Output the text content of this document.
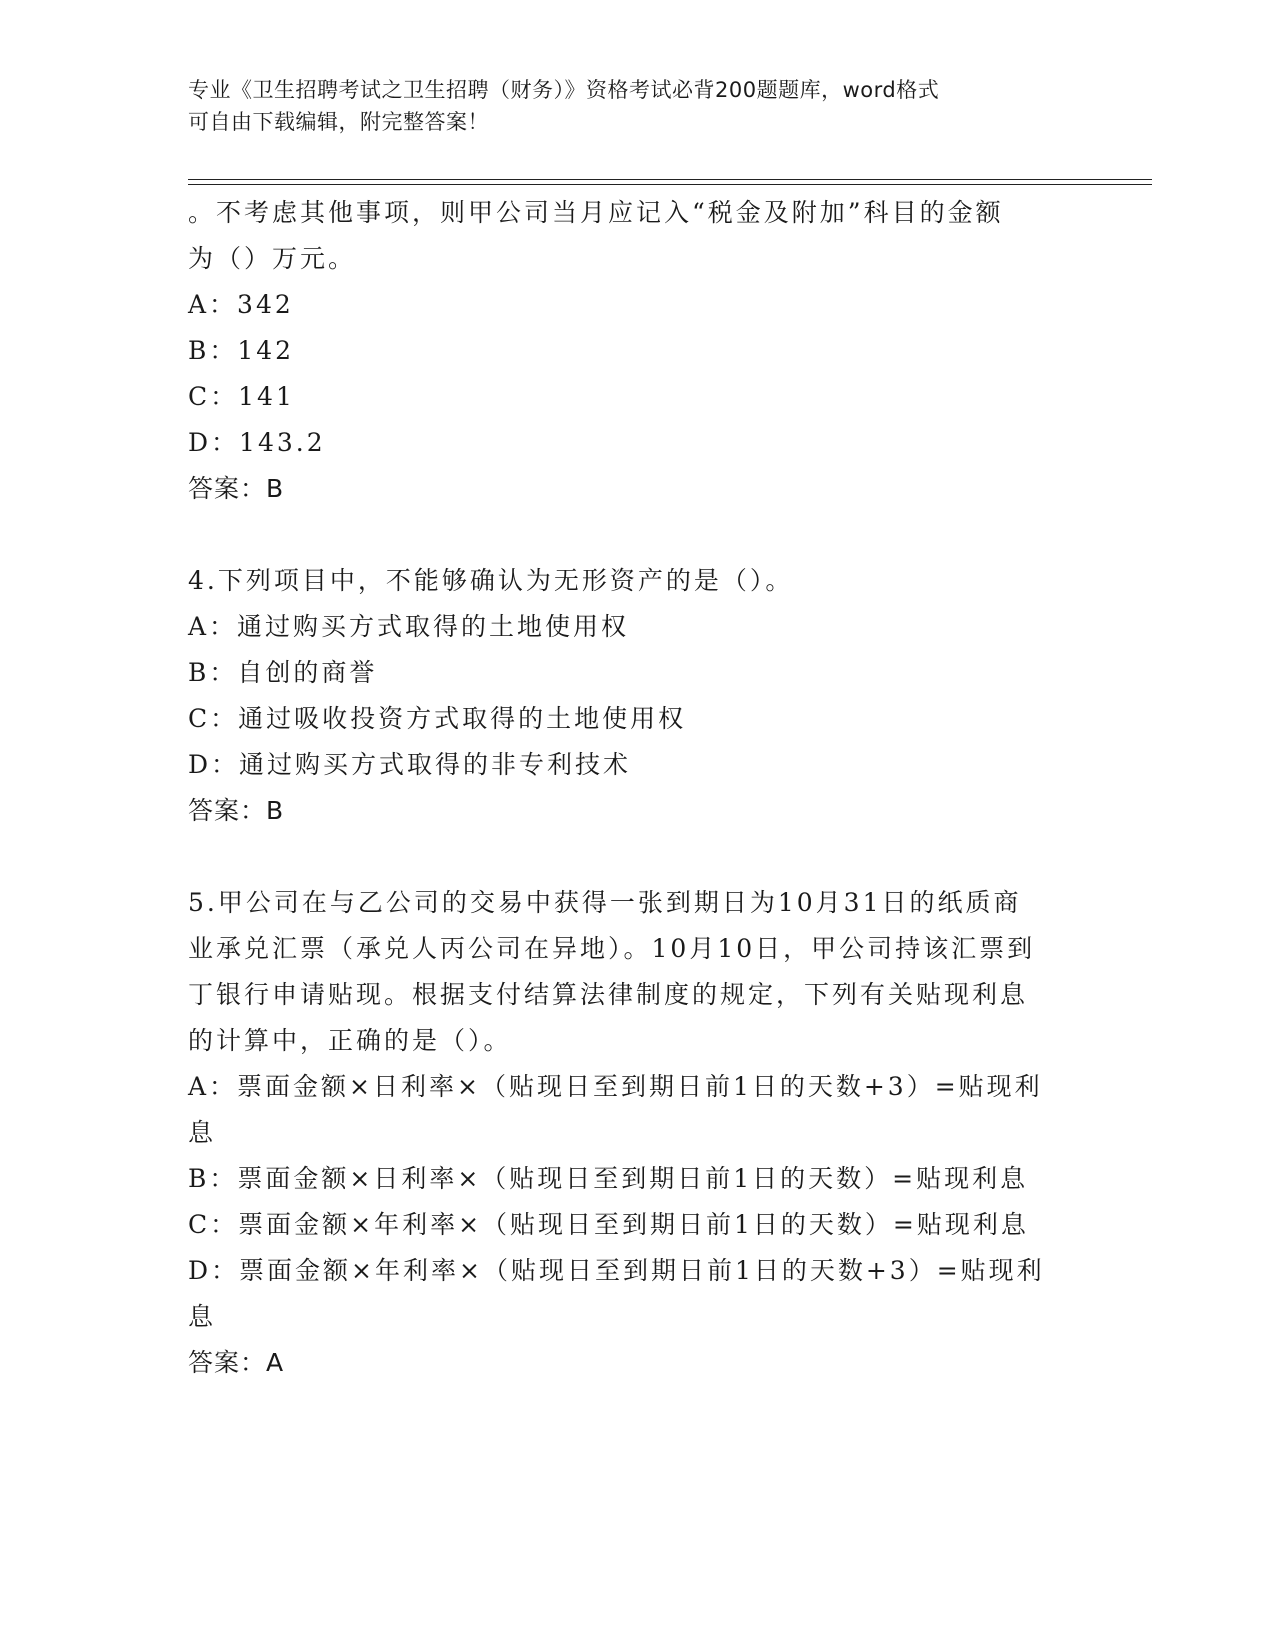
专业《卫生招聘考试之卫生招聘（财务）》资格考试必背200题题库，word格式
可自由下载编辑，附完整答案！
。不考虑其他事项，则甲公司当月应记入“税金及附加”科目的金额
为（）万元。
A：342
B：142
C：141
D：143.2
答案：B
4.下列项目中，不能够确认为无形资产的是（）。
A：通过购买方式取得的土地使用权
B：自创的商誉
C：通过吸收投资方式取得的土地使用权
D：通过购买方式取得的非专利技术
答案：B
5.甲公司在与乙公司的交易中获得一张到期日为10月31日的纸质商
业承兑汇票（承兑人丙公司在异地）。10月10日，甲公司持该汇票到
丁银行申请贴现。根据支付结算法律制度的规定，下列有关贴现利息
的计算中，正确的是（）。
A：票面金额×日利率×（贴现日至到期日前1日的天数+3）=贴现利
息
B：票面金额×日利率×（贴现日至到期日前1日的天数）=贴现利息
C：票面金额×年利率×（贴现日至到期日前1日的天数）=贴现利息
D：票面金额×年利率×（贴现日至到期日前1日的天数+3）=贴现利
息
答案：A
